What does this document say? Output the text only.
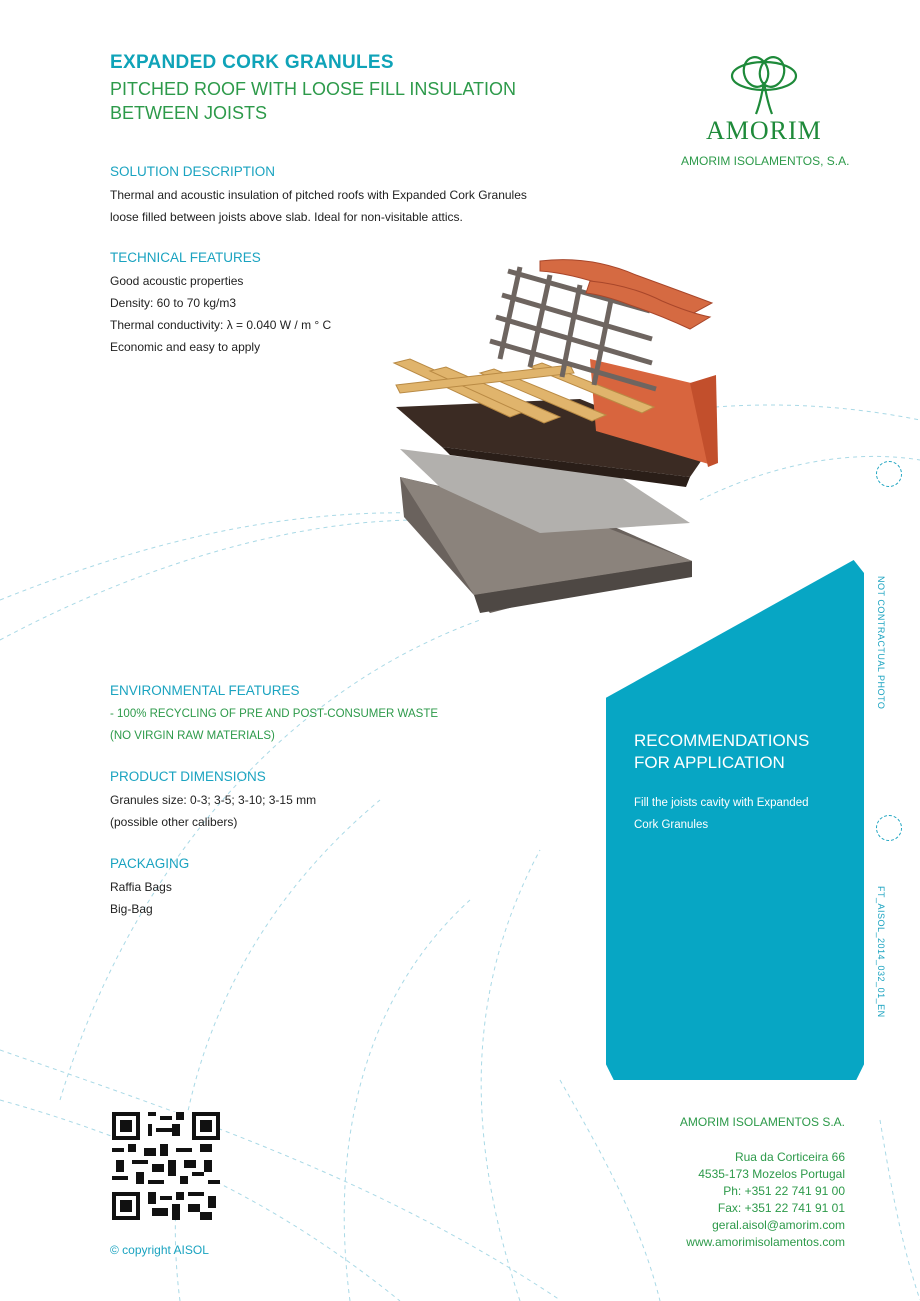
EXPANDED CORK GRANULES
PITCHED ROOF WITH LOOSE FILL INSULATION BETWEEN JOISTS
AMORIM
AMORIM ISOLAMENTOS, S.A.
SOLUTION DESCRIPTION
Thermal and acoustic insulation of pitched roofs with Expanded Cork Granules
loose filled between joists above slab. Ideal for non-visitable attics.
TECHNICAL FEATURES
Good acoustic properties
Density: 60 to 70 kg/m3
Thermal conductivity: λ = 0.040 W / m ° C
Economic and easy to apply
ENVIRONMENTAL FEATURES
- 100% RECYCLING OF PRE AND POST-CONSUMER WASTE
(NO VIRGIN RAW MATERIALS)
PRODUCT DIMENSIONS
Granules size: 0-3; 3-5; 3-10; 3-15 mm
(possible other calibers)
PACKAGING
Raffia Bags
Big-Bag
RECOMMENDATIONS
FOR APPLICATION
Fill the joists cavity with Expanded
Cork Granules
NOT CONTRACTUAL PHOTO
FT_AISOL_2014_032_01_EN
AMORIM ISOLAMENTOS S.A.
Rua da Corticeira 66
4535-173 Mozelos Portugal
Ph: +351 22 741 91 00
Fax: +351 22 741 91 01
geral.aisol@amorim.com
www.amorimisolamentos.com
© copyright AISOL
